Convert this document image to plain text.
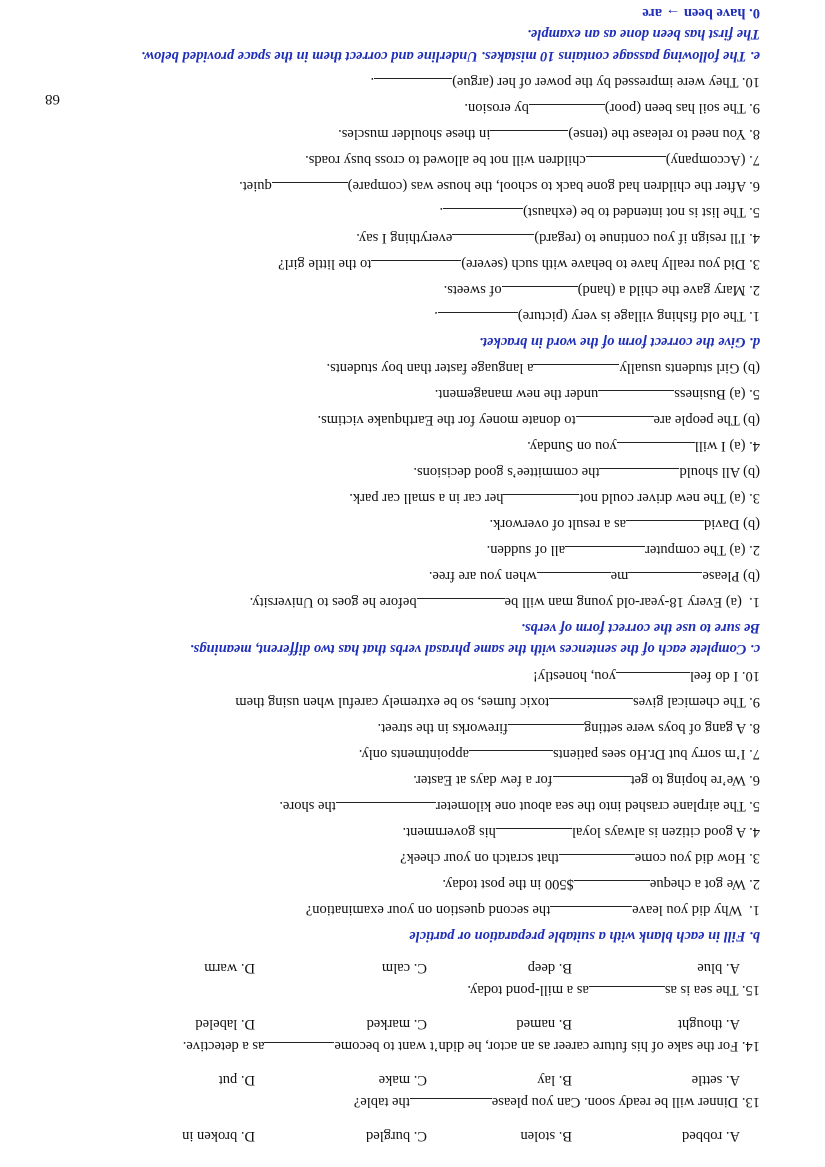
A. robbed
B. stolen
C. burgled
D. broken in
13. Dinner will be ready soon. Can you pleasethe table?
A. settle
B. lay
C. make
D. put
14. For the sake of his future career as an actor, he didn’t want to becomeas a detective.
A. thought
B. named
C. marked
D. labeled
15. The sea is asas a mill-pond today.
A. blue
B. deep
C. calm
D. warm
b. Fill in each blank with a suitable preparation or particle
1.  Why did you leavethe second question on your examination?
2. We got a cheque$500 in the post today.
3. How did you comethat scratch on your cheek?
4. A good citizen is always loyalhis government.
5. The airplane crashed into the sea about one kilometerthe shore.
6. We’re hoping to getfor a few days at Easter.
7. I’m sorry but Dr.Ho sees patientsappointments only.
8. A gang of boys were settingfireworks in the street.
9. The chemical givestoxic fumes, so be extremely careful when using them
10. I do feelyou, honestly!
c. Complete each of the sentences with the same phrasal verbs that has two different, meanings.
Be sure to use the correct form of verbs.
1.  (a) Every 18-year-old young man will bebefore he goes to University.
(b) Pleasemewhen you are free.
2. (a) The computerall of sudden.
(b) Davidas a result of overwork.
3. (a) The new driver could nother car in a small car park.
(b) All shouldthe committee’s good decisions.
4. (a) I willyou on Sunday.
(b) The people areto donate money for the Earthquake victims.
5. (a) Businessunder the new management.
(b) Girl students usuallya language faster than boy students.
d. Give the correct form of the word in bracket.
1. The old fishing village is very (picture).
2. Mary gave the child a (hand)of sweets.
3. Did you really have to behave with such (severe)to the little girl?
4. I'll resign if you continue to (regard)everything I say.
5. The list is not intended to be (exhaust).
6. After the children had gone back to school, the house was (compare)quiet.
7. (Accompany)children will not be allowed to cross busy roads.
8. You need to release the (tense)in these shoulder muscles.
9. The soil has been (poor)by erosion.
10. They were impressed by the power of her (argue).
e. The following passage contains 10 mistakes. Underline and correct them in the space provided below.
The first has been done as an example.
0. have been → are
68
